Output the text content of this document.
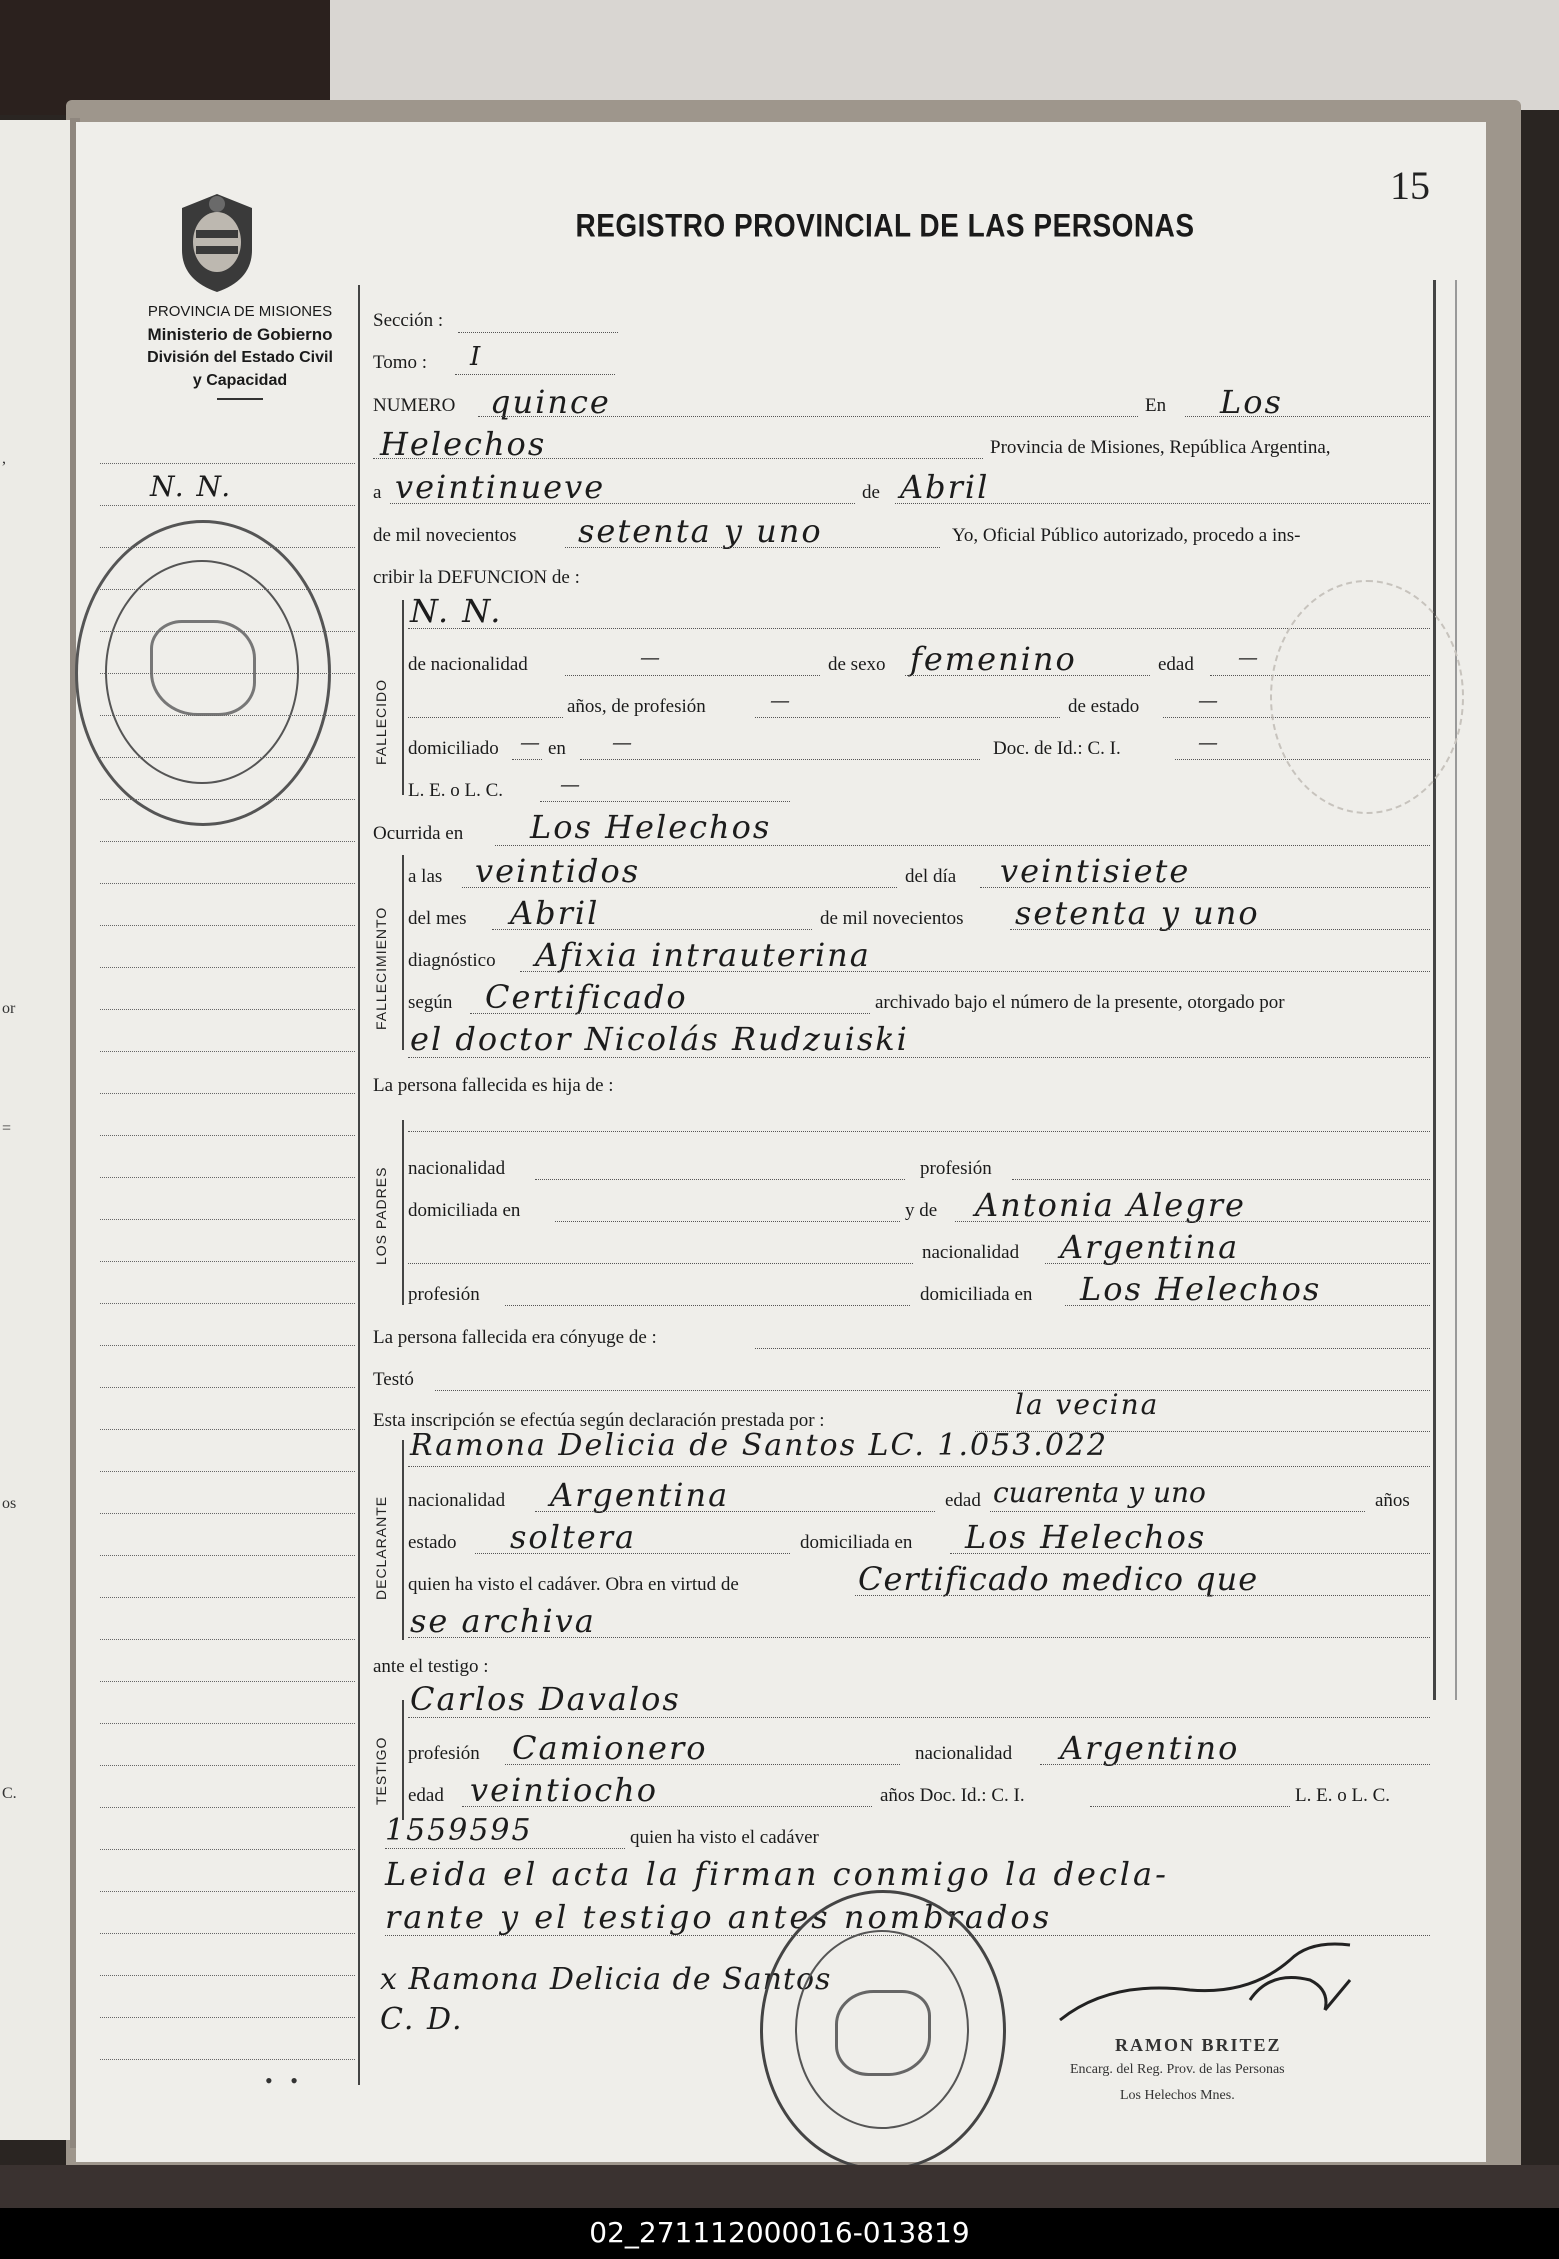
,
or
=
os
C.
15
REGISTRO PROVINCIAL DE LAS PERSONAS
PROVINCIA DE MISIONES
Ministerio de Gobierno
División del Estado Civil
y Capacidad
N. N.
FALLECIDO
FALLECIMIENTO
LOS PADRES
DECLARANTE
TESTIGO
Sección :
Tomo : I
NUMERO quince	En Los
Helechos	Provincia de Misiones, República Argentina,
a veintinueve	de Abril
de mil novecientos setenta y uno	Yo, Oficial Público autorizado, procedo a ins-
cribir la DEFUNCION de :
N. N.
de nacionalidad	—	de sexo femenino	edad —
años, de profesión	—	de estado	—
domiciliado — en —	Doc. de Id.: C. I.	—
L. E. o L. C.	—
Ocurrida en Los Helechos
a las veintidos	del día veintisiete
del mes Abril	de mil novecientos setenta y uno
diagnóstico Afixia intrauterina
según Certificado	archivado bajo el número de la presente, otorgado por
el doctor Nicolás Rudzuiski
La persona fallecida es hija de :
nacionalidad	profesión
domiciliada en	y de Antonia Alegre
nacionalidad Argentina
profesión	domiciliada en Los Helechos
La persona fallecida era cónyuge de :
Testó
Esta inscripción se efectúa según declaración prestada por :	la vecina
Ramona Delicia de Santos LC. 1.053.022
nacionalidad Argentina	edad cuarenta y uno	años
estado soltera	domiciliada en Los Helechos
quien ha visto el cadáver. Obra en virtud de	Certificado medico que
se archiva
ante el testigo :
Carlos Davalos
profesión Camionero	nacionalidad Argentino
edad veintiocho	años Doc. Id.: C. I.	L. E. o L. C.
1559595	quien ha visto el cadáver
Leida el acta la firman conmigo la decla-
rante y el testigo antes nombrados
x Ramona Delicia de Santos
C. D.
RAMON BRITEZ
Encarg. del Reg. Prov. de las Personas
Los Helechos Mnes.
• •
02_271112000016-013819
